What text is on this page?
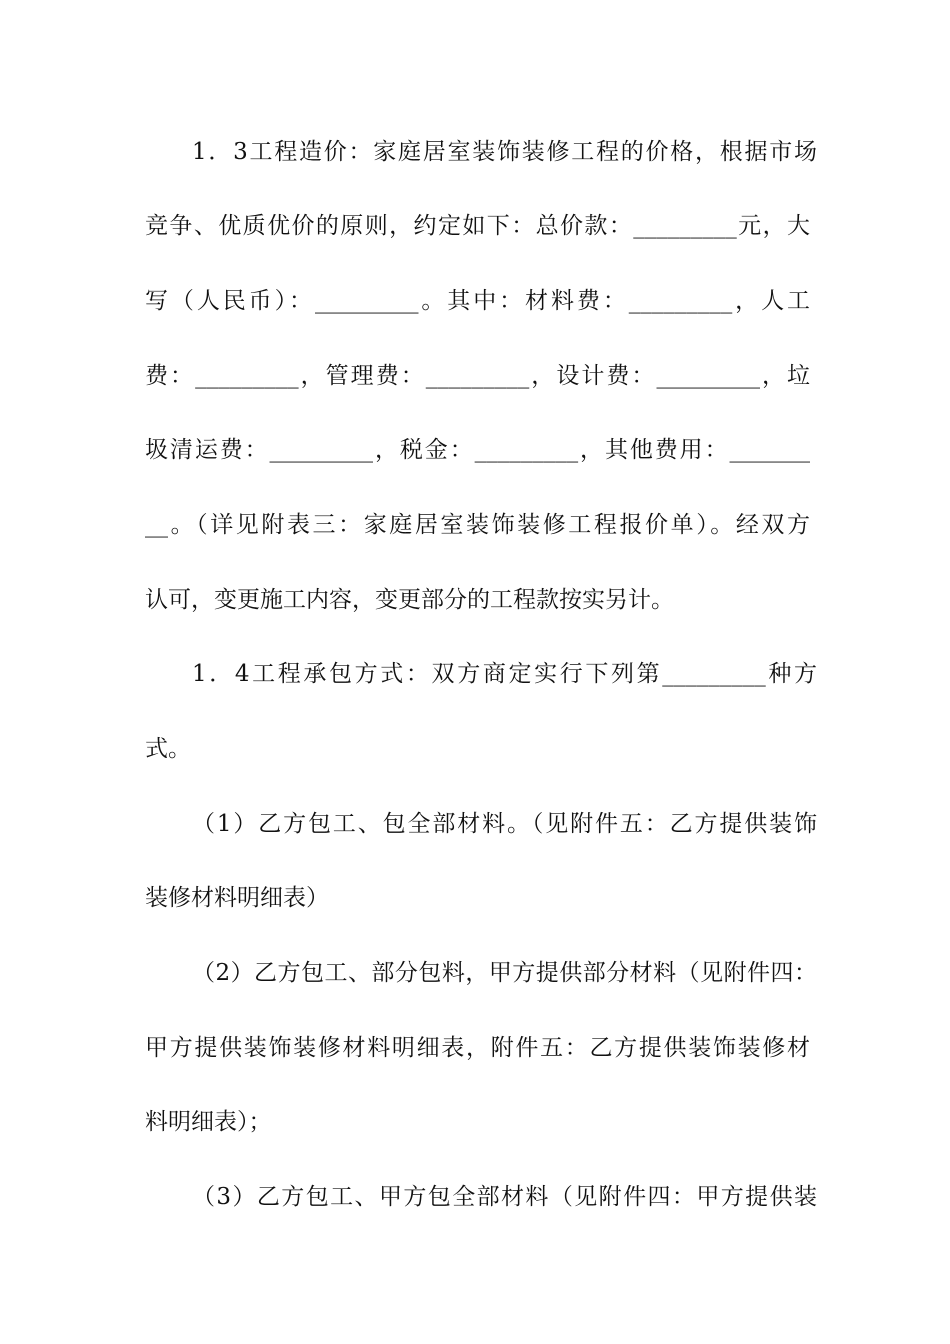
1．3工程造价：家庭居室装饰装修工程的价格，根据市场
竞争、优质优价的原则，约定如下：总价款：_________元，大
写（人民币）：_________。其中：材料费：_________，人工
费：_________，管理费：_________，设计费：_________，垃
圾清运费：_________，税金：_________，其他费用：_______
__。（详见附表三：家庭居室装饰装修工程报价单）。经双方
认可，变更施工内容，变更部分的工程款按实另计。
1．4工程承包方式：双方商定实行下列第_________种方
式。
（1）乙方包工、包全部材料。（见附件五：乙方提供装饰
装修材料明细表）
（2）乙方包工、部分包料，甲方提供部分材料（见附件四：
甲方提供装饰装修材料明细表，附件五：乙方提供装饰装修材
料明细表）；
（3）乙方包工、甲方包全部材料（见附件四：甲方提供装
